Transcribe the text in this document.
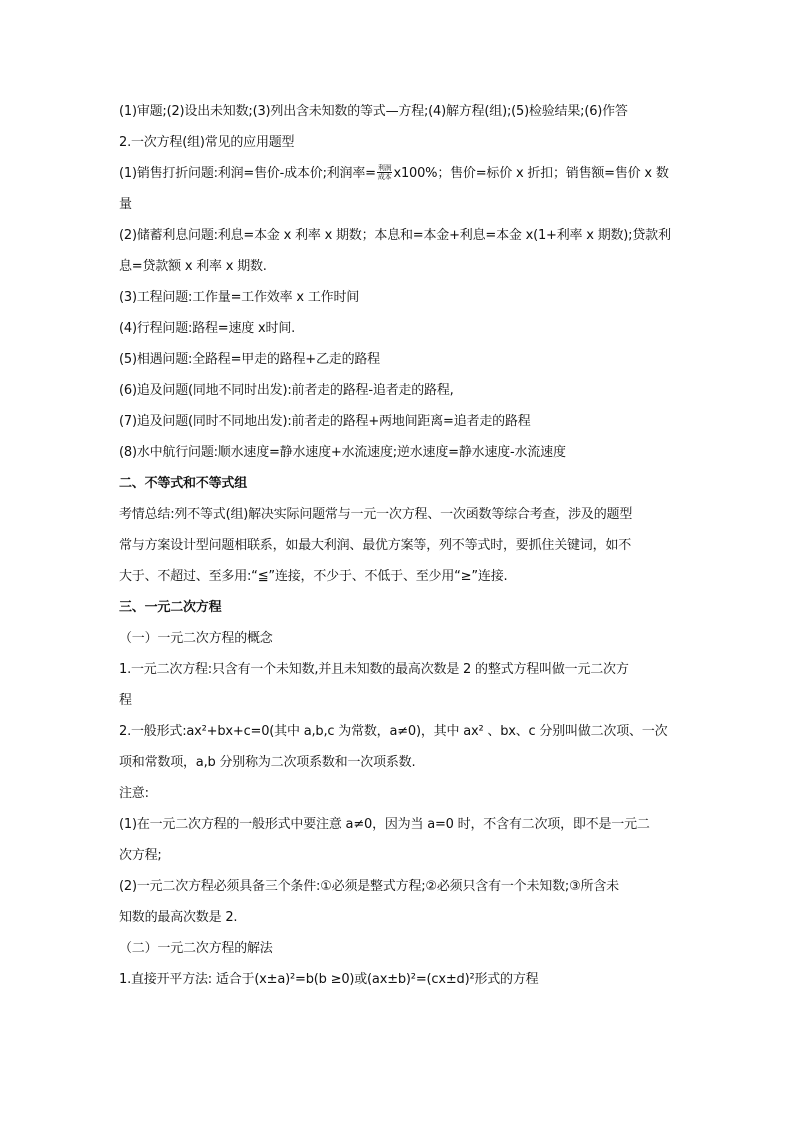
(1)审题;(2)设出未知数;(3)列出含未知数的等式—方程;(4)解方程(组);(5)检验结果;(6)作答
2.一次方程(组)常见的应用题型
(1)销售打折问题:利润=售价-成本价;利润率= $\frac{\text{利润}}{\text{成本}} x100\%$；售价=标价 x 折扣；销售额=售价 x 数
量
(2)储蓄利息问题:利息=本金 x 利率 x 期数；本息和=本金+利息=本金 x(1+利率 x 期数);贷款利
息=贷款额 x 利率 x 期数.
(3)工程问题:工作量=工作效率 x 工作时间
(4)行程问题:路程=速度 x时间.
(5)相遇问题:全路程=甲走的路程+乙走的路程
(6)追及问题(同地不同时出发):前者走的路程-追者走的路程,
(7)追及问题(同时不同地出发):前者走的路程+两地间距离=追者走的路程
(8)水中航行问题:顺水速度=静水速度+水流速度;逆水速度=静水速度-水流速度
二、不等式和不等式组
考情总结:列不等式(组)解决实际问题常与一元一次方程、一次函数等综合考查，涉及的题型
常与方案设计型问题相联系，如最大利润、最优方案等，列不等式时，要抓住关键词，如不
大于、不超过、至多用:“≦”连接，不少于、不低于、至少用“≥”连接.
三、一元二次方程
（一）一元二次方程的概念
1.一元二次方程:只含有一个未知数,并且未知数的最高次数是 2 的整式方程叫做一元二次方
程
2.一般形式:ax²+bx+c=0(其中 a,b,c 为常数，a≠0)，其中 ax² 、bx、c 分别叫做二次项、一次
项和常数项，a,b 分别称为二次项系数和一次项系数.
注意:
(1)在一元二次方程的一般形式中要注意 a≠0，因为当 a=0 时，不含有二次项，即不是一元二
次方程;
(2)一元二次方程必须具备三个条件:①必须是整式方程;②必须只含有一个未知数;③所含未
知数的最高次数是 2.
（二）一元二次方程的解法
1.直接开平方法: 适合于(x±a)²=b(b ≥0)或(ax±b)²=(cx±d)²形式的方程
